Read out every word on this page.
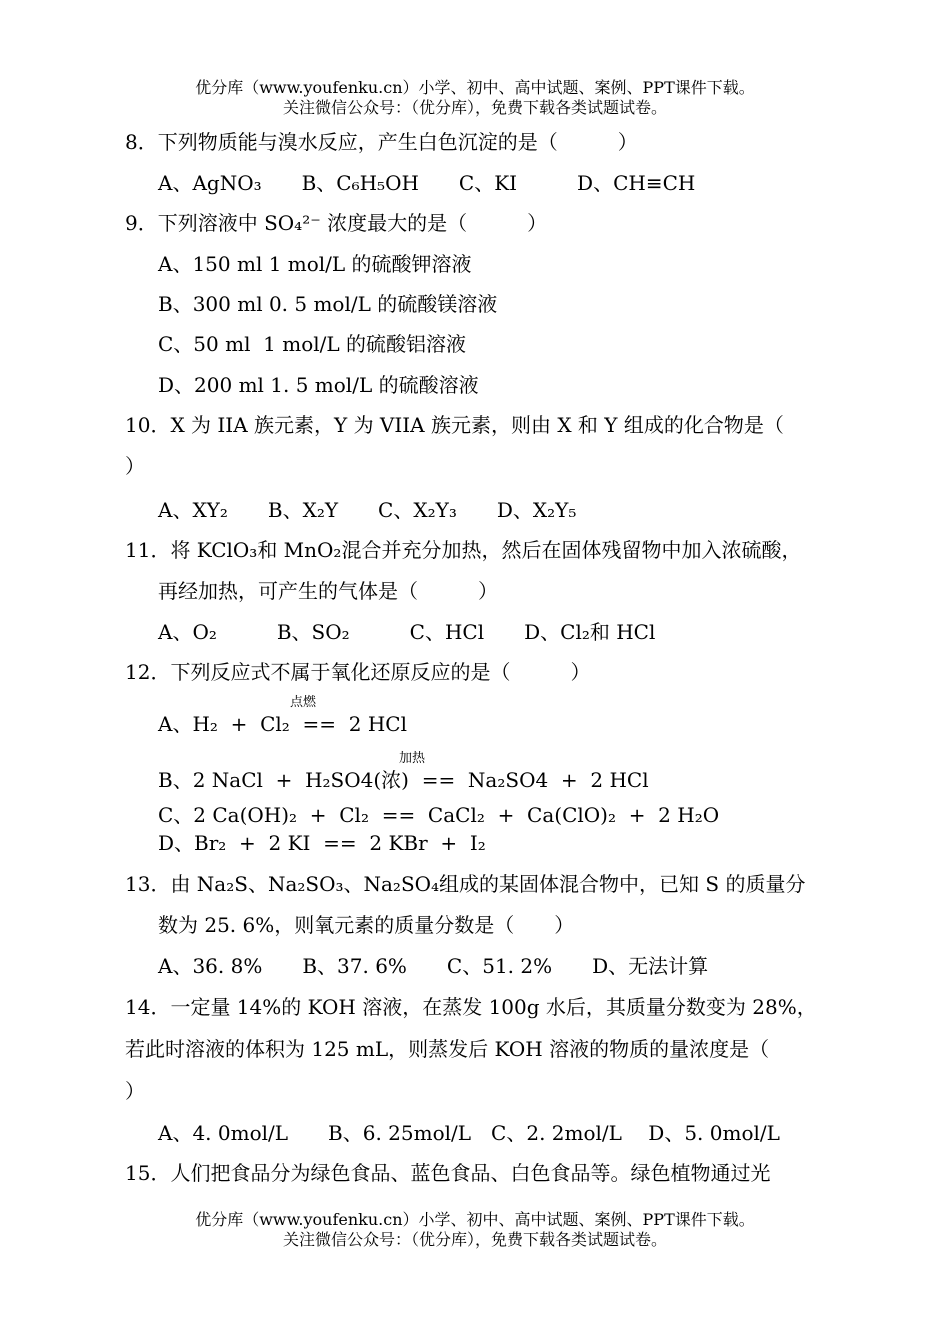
优分库（www.youfenku.cn）小学、初中、高中试题、案例、PPT课件下载。
关注微信公众号：（优分库），免费下载各类试题试卷。
8．下列物质能与溴水反应，产生白色沉淀的是（　　　）
A、AgNO₃　　B、C₆H₅OH　　C、KI　　　D、CH≡CH
9．下列溶液中 SO₄²⁻ 浓度最大的是（　　　）
A、150 ml 1 mol/L 的硫酸钾溶液
B、300 ml 0. 5 mol/L 的硫酸镁溶液
C、50 ml  1 mol/L 的硫酸铝溶液
D、200 ml 1. 5 mol/L 的硫酸溶液
10．X 为 IIA 族元素，Y 为 VIIA 族元素，则由 X 和 Y 组成的化合物是（
）
A、XY₂　　B、X₂Y　　C、X₂Y₃　　D、X₂Y₅
11．将 KClO₃和 MnO₂混合并充分加热，然后在固体残留物中加入浓硫酸，
再经加热，可产生的气体是（　　　）
A、O₂　　　B、SO₂　　　C、HCl　　D、Cl₂和 HCl
12．下列反应式不属于氧化还原反应的是（　　　）
点燃
A、H₂  +  Cl₂  ==  2 HCl
加热
B、2 NaCl  +  H₂SO4(浓)  ==  Na₂SO4  +  2 HCl
C、2 Ca(OH)₂  +  Cl₂  ==  CaCl₂  +  Ca(ClO)₂  +  2 H₂O
D、Br₂  +  2 KI  ==  2 KBr  +  I₂
13．由 Na₂S、Na₂SO₃、Na₂SO₄组成的某固体混合物中，已知 S 的质量分
数为 25. 6%，则氧元素的质量分数是（　　）
A、36. 8%　　B、37. 6%　　C、51. 2%　　D、无法计算
14．一定量 14%的 KOH 溶液，在蒸发 100g 水后，其质量分数变为 28%，
若此时溶液的体积为 125 mL，则蒸发后 KOH 溶液的物质的量浓度是（
）
A、4. 0mol/L　　B、6. 25mol/L　C、2. 2mol/L　 D、5. 0mol/L
15．人们把食品分为绿色食品、蓝色食品、白色食品等。绿色植物通过光
优分库（www.youfenku.cn）小学、初中、高中试题、案例、PPT课件下载。
关注微信公众号：（优分库），免费下载各类试题试卷。
